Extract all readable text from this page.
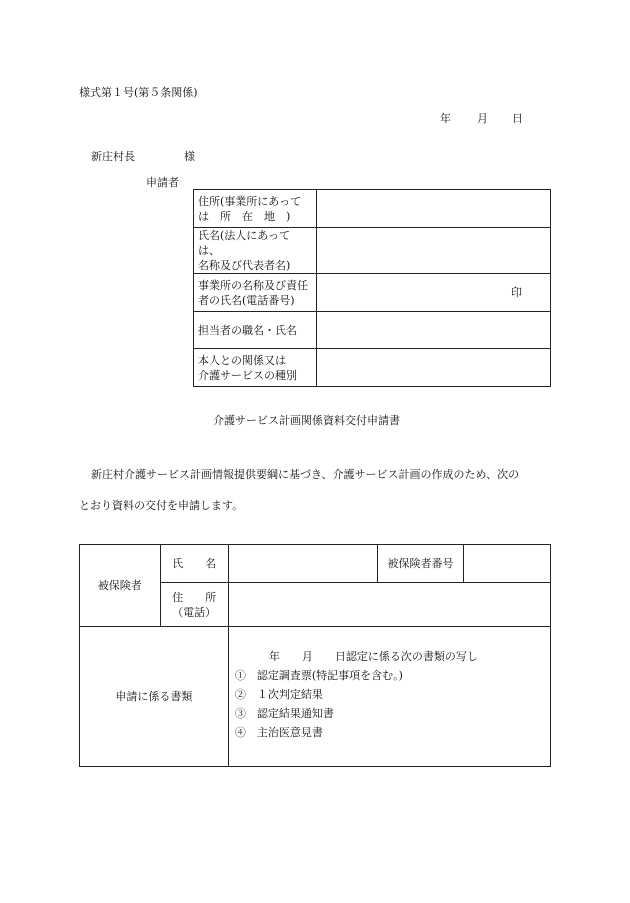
様式第１号(第５条関係)
年 月 日
新庄村長	様
申請者
住所(事業所にあって
は　所　在　地　)	

氏名(法人にあっては、
名称及び代表者名)	

事業所の名称及び責任
者の氏名(電話番号)	印

担当者の職名・氏名	

本人との関係又は
介護サービスの種別	

介護サービス計画関係資料交付申請書
新庄村介護サービス計画情報提供要綱に基づき、介護サービス計画の作成のため、次の
とおり資料の交付を申請します。
被保険者	氏　　名		被保険者番号	

	住　　所
（電話）			

申請に係る書類		年　　月　　日認定に係る次の書類の写し
①　認定調査票(特記事項を含む。)
②　１次判定結果
③　認定結果通知書
④　主治医意見書		
